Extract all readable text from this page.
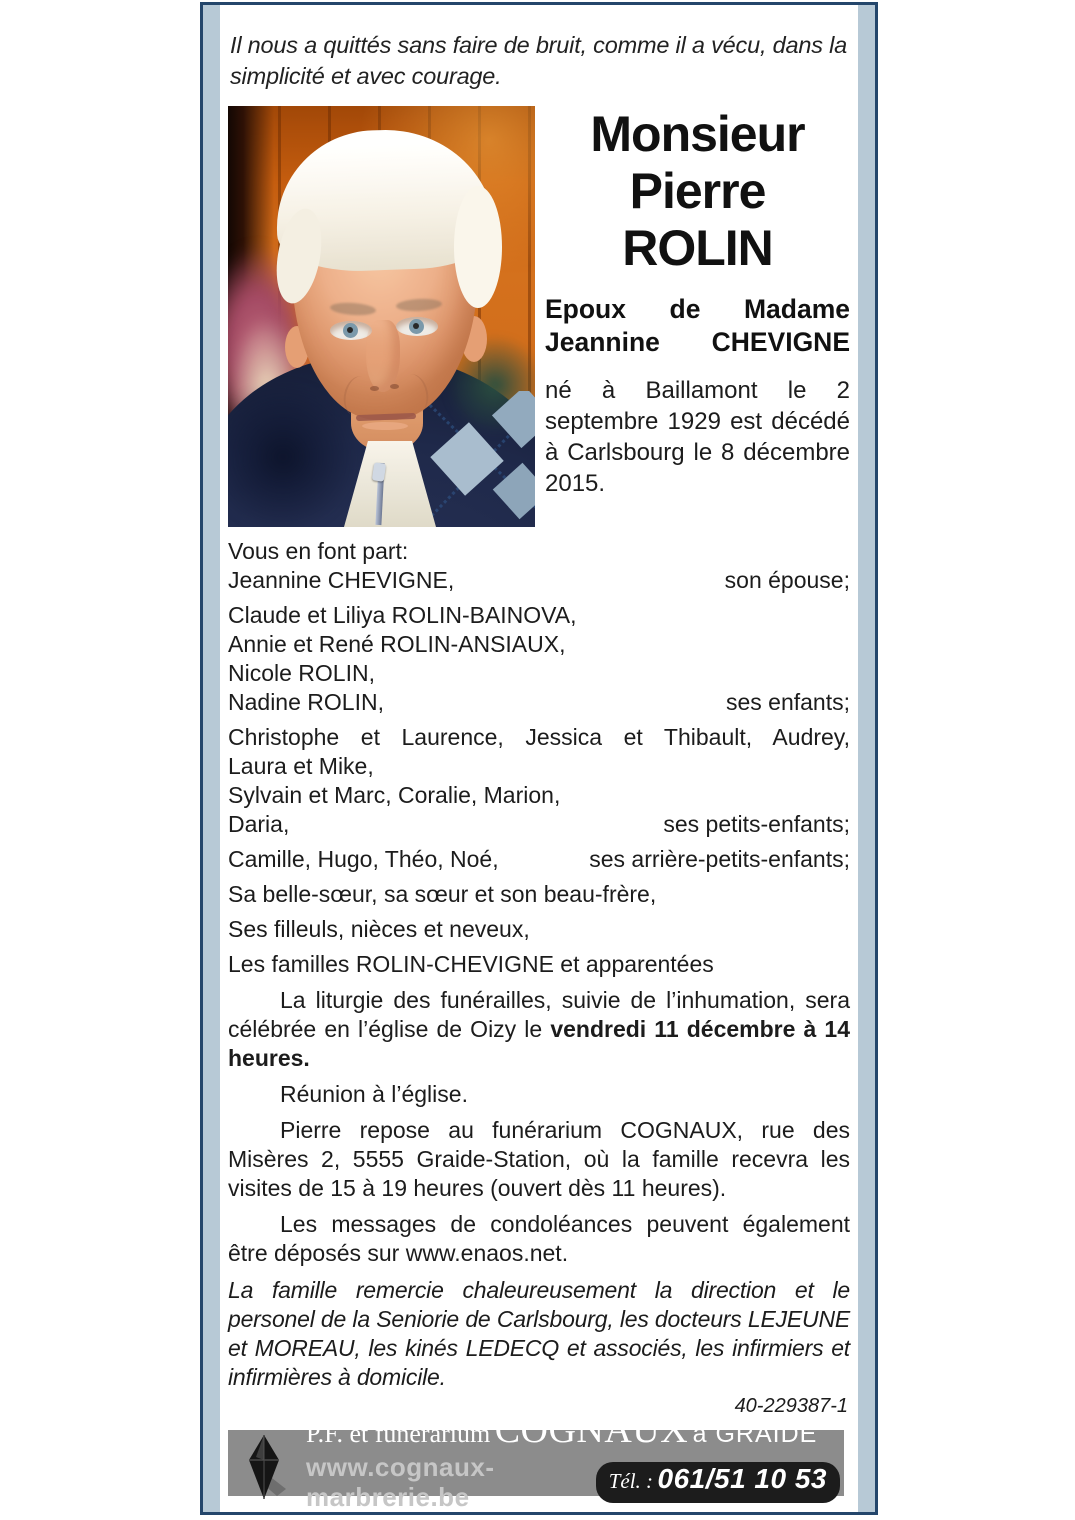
Il nous a quittés sans faire de bruit, comme il a vécu, dans la simplicité et avec courage.

Monsieur
Pierre
ROLIN
Epoux de Madame
Jeannine CHEVIGNE

né à Baillamont le 2 septembre 1929 est décédé à Carlsbourg le 8 décembre 2015.

Vous en font part:
Jeannine CHEVIGNE,	son épouse;
Claude et Liliya ROLIN-BAINOVA,
Annie et René ROLIN-ANSIAUX,
Nicole ROLIN,
Nadine ROLIN,	ses enfants;
Christophe et Laurence, Jessica et Thibault, Audrey,
Laura et Mike,
Sylvain et Marc, Coralie, Marion,
Daria,	ses petits-enfants;
Camille, Hugo, Théo, Noé,	ses arrière-petits-enfants;
Sa belle-sœur, sa sœur et son beau-frère,
Ses filleuls, nièces et neveux,
Les familles ROLIN-CHEVIGNE et apparentées

La liturgie des funérailles, suivie de l’inhumation, sera célébrée en l’église de Oizy le vendredi 11 décembre à 14 heures.

Réunion à l’église.

Pierre repose au funérarium COGNAUX, rue des Misères 2, 5555 Graide-Station, où la famille recevra les visites de 15 à 19 heures (ouvert dès 11 heures).

Les messages de condoléances peuvent également être déposés sur www.enaos.net.

La famille remercie chaleureusement la direction et le personel de la Seniorie de Carlsbourg, les docteurs LEJEUNE et MOREAU, les kinés LEDECQ et associés, les infirmiers et infirmières à domicile.

40-229387-1

P.F. et funérarium COGNAUX à GRAIDE
www.cognaux-marbrerie.be
Tél. : 061/51 10 53
